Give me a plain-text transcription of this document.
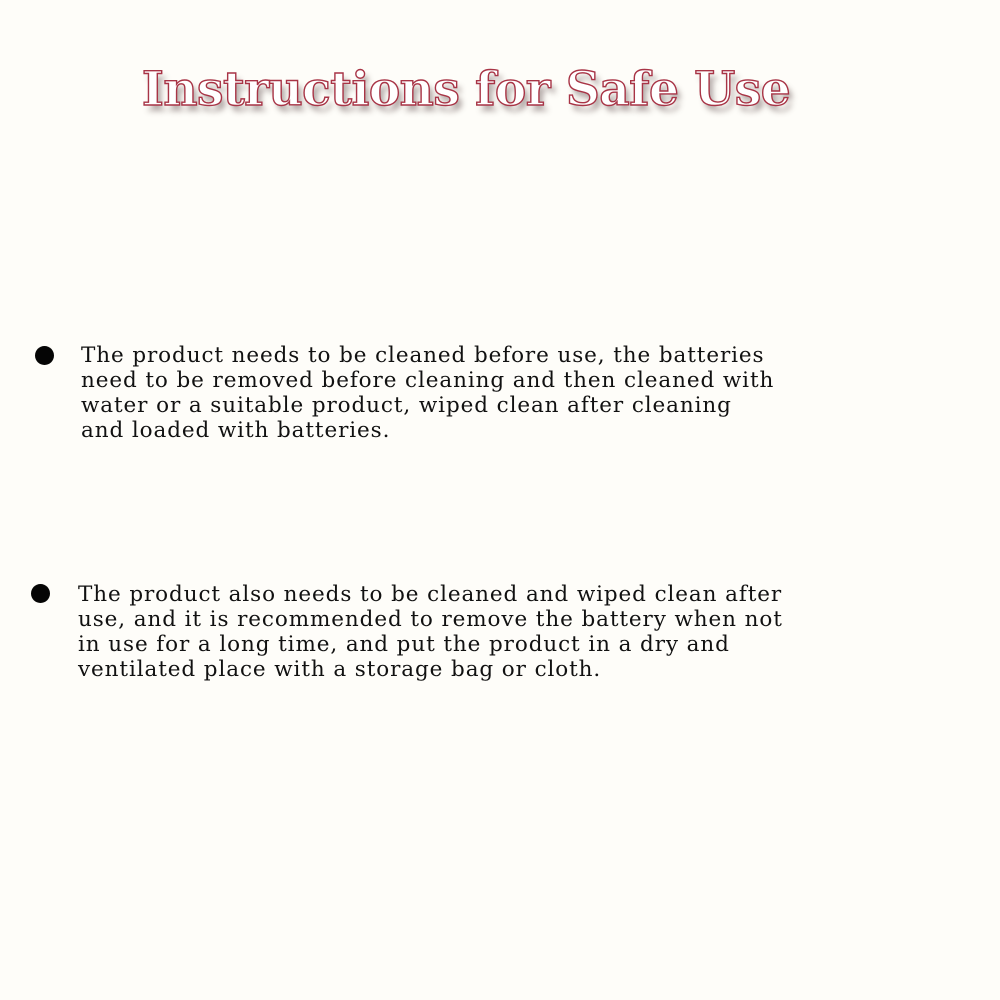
Instructions for Safe Use
The product needs to be cleaned before use, the batteries
need to be removed before cleaning and then cleaned with
water or a suitable product, wiped clean after cleaning
and loaded with batteries.
The product also needs to be cleaned and wiped clean after
use, and it is recommended to remove the battery when not
in use for a long time, and put the product in a dry and
ventilated place with a storage bag or cloth.
